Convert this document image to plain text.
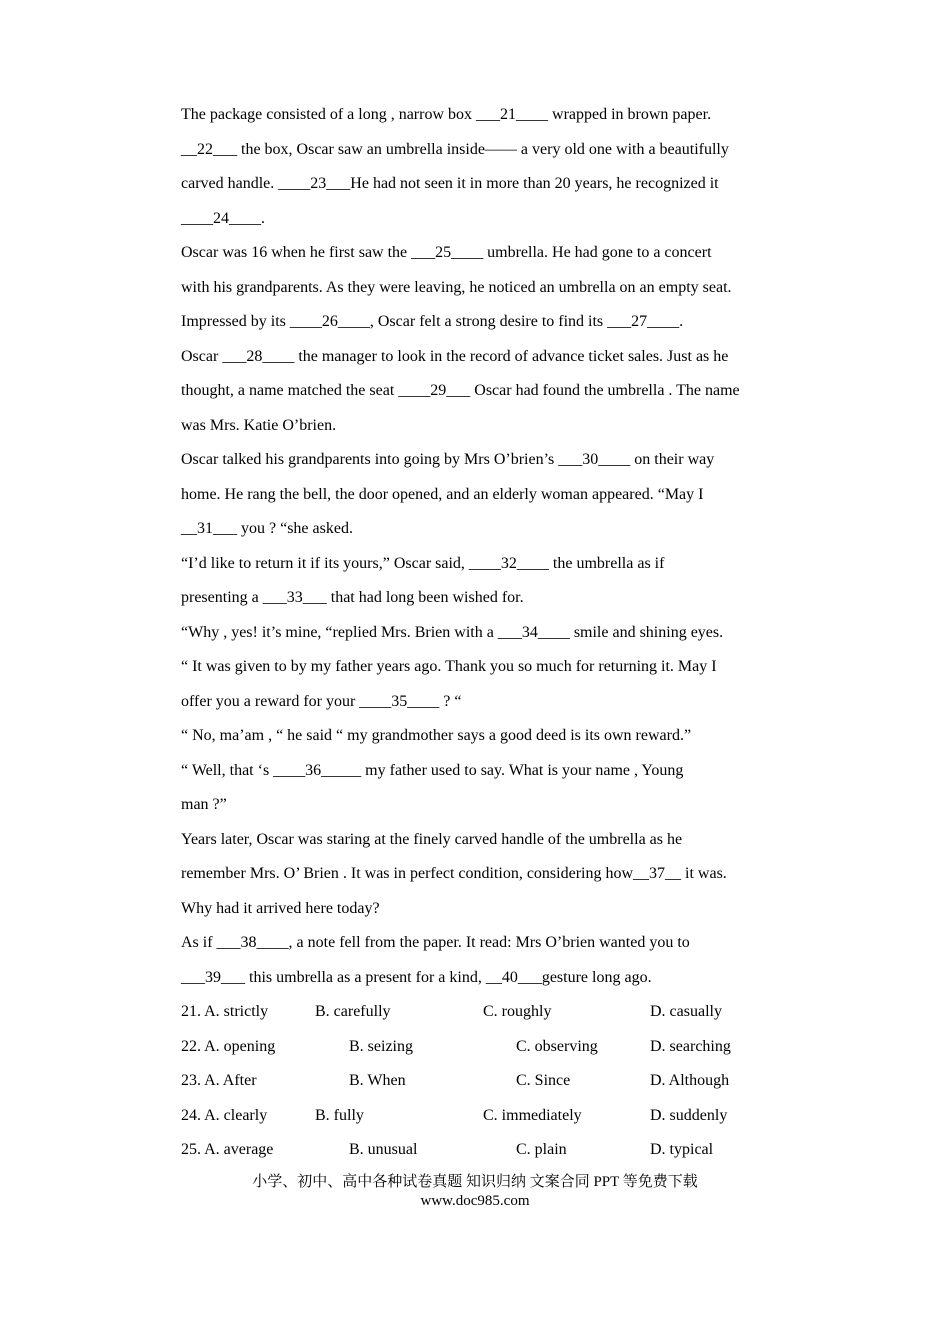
The package consisted of a long , narrow box ___21____ wrapped in brown paper.
__22___ the box, Oscar saw an umbrella inside—— a very old one with a beautifully
carved handle. ____23___He had not seen it in more than 20 years, he recognized it
____24____.
Oscar was 16 when he first saw the ___25____ umbrella. He had gone to a concert
with his grandparents. As they were leaving, he noticed an umbrella on an empty seat.
Impressed by its ____26____, Oscar felt a strong desire to find its ___27____.
Oscar ___28____ the manager to look in the record of advance ticket sales. Just as he
thought, a name matched the seat ____29___ Oscar had found the umbrella . The name
was Mrs. Katie O’brien.
Oscar talked his grandparents into going by Mrs O’brien’s ___30____ on their way
home. He rang the bell, the door opened, and an elderly woman appeared. “May I
__31___ you ? “she asked.
“I’d like to return it if its yours,” Oscar said, ____32____ the umbrella as if
presenting a ___33___ that had long been wished for.
“Why , yes! it’s mine, “replied Mrs. Brien with a ___34____ smile and shining eyes.
“ It was given to by my father years ago. Thank you so much for returning it. May I
offer you a reward for your ____35____ ? “
“ No, ma’am , “ he said “ my grandmother says a good deed is its own reward.”
“ Well, that ‘s ____36_____ my father used to say. What is your name , Young
man ?”
Years later, Oscar was staring at the finely carved handle of the umbrella as he
remember Mrs. O’ Brien . It was in perfect condition, considering how__37__ it was.
Why had it arrived here today?
As if ___38____, a note fell from the paper. It read: Mrs O’brien wanted you to
___39___ this umbrella as a present for a kind, __40___gesture long ago.
21. A. strictly	B. carefully	C. roughly	D. casually
22. A. opening	B. seizing	C. observing	D. searching
23. A. After	B. When	C. Since	D. Although
24. A. clearly	B. fully	C. immediately	D. suddenly
25. A. average	B. unusual	C. plain	D. typical
小学、初中、高中各种试卷真题 知识归纳 文案合同 PPT 等免费下载
www.doc985.com
